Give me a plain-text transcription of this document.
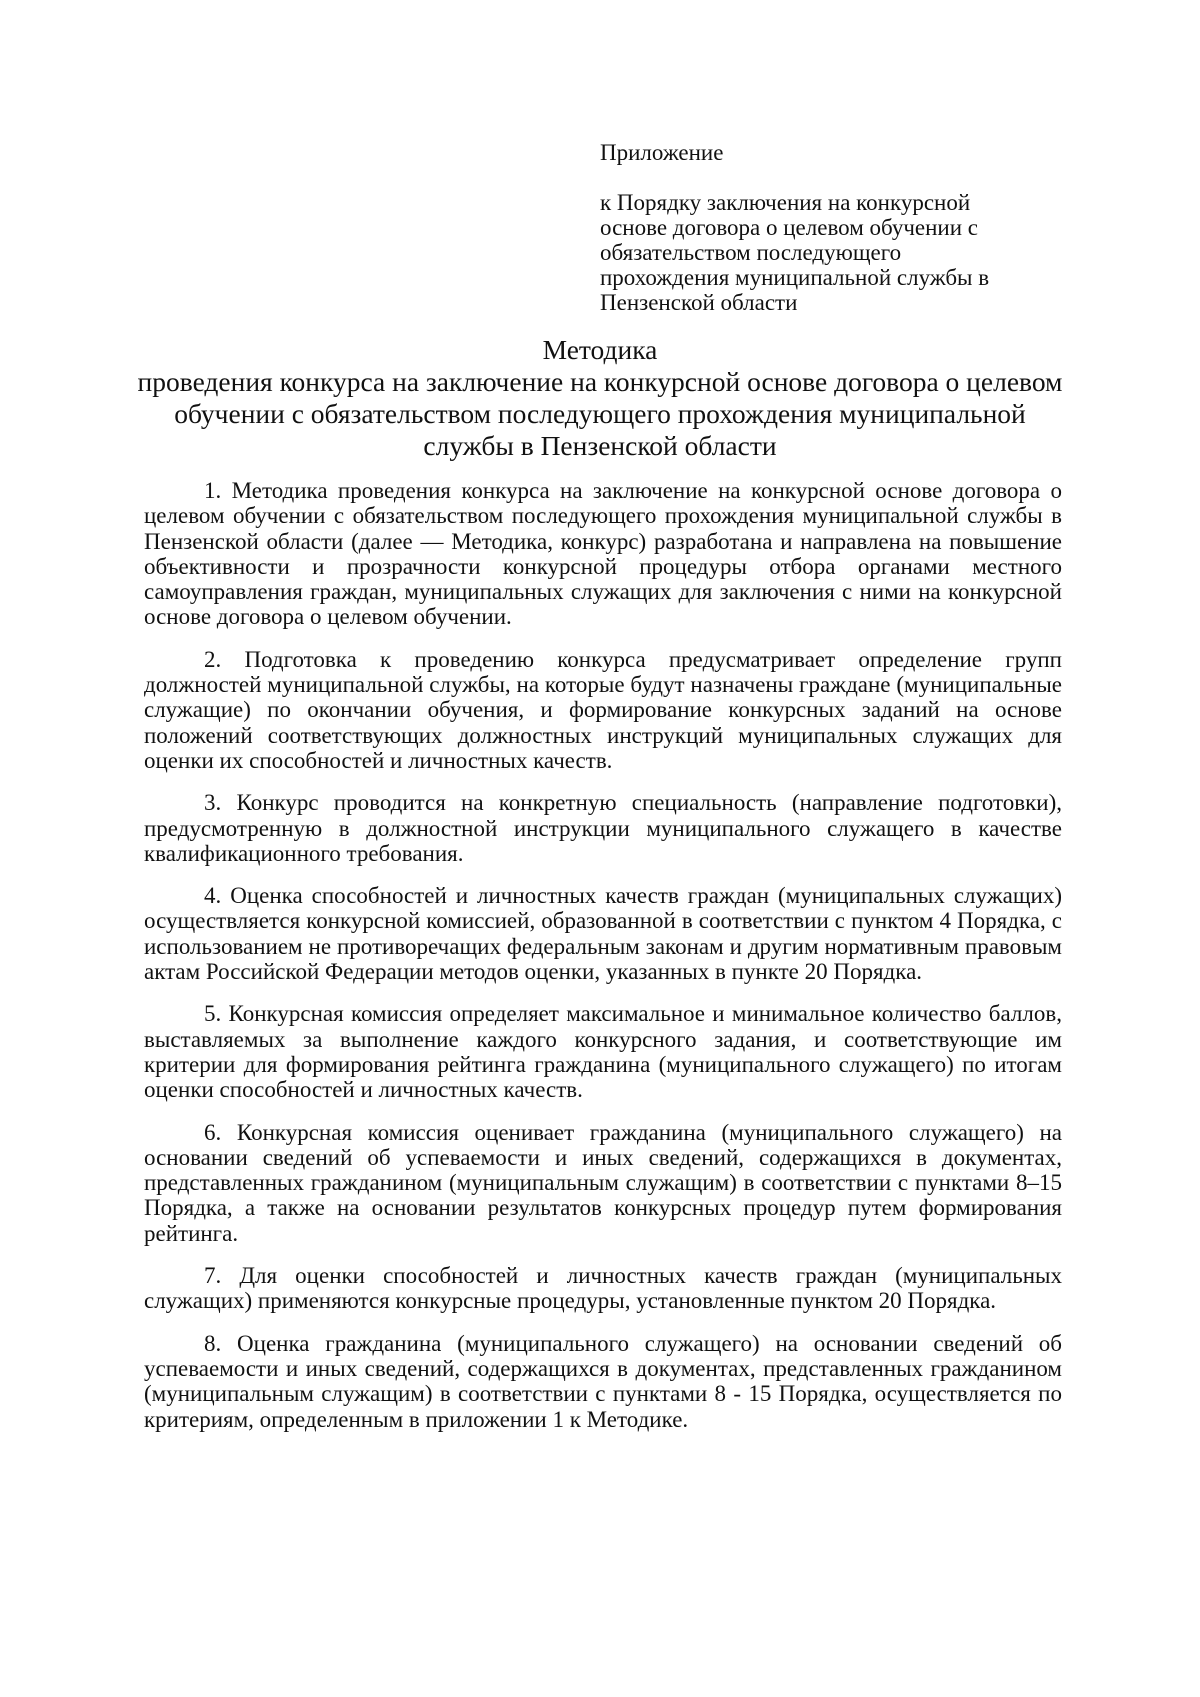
Приложение

к Порядку заключения на конкурсной основе договора о целевом обучении с обязательством последующего прохождения муниципальной службы в Пензенской области

Методика

проведения конкурса на заключение на конкурсной основе договора о целевом обучении с обязательством последующего прохождения муниципальной службы в Пензенской области

1. Методика проведения конкурса на заключение на конкурсной основе договора о целевом обучении с обязательством последующего прохождения муниципальной службы в Пензенской области (далее — Методика, конкурс) разработана и направлена на повышение объективности и прозрачности конкурсной процедуры отбора органами местного самоуправления граждан, муниципальных служащих для заключения с ними на конкурсной основе договора о целевом обучении.

2. Подготовка к проведению конкурса предусматривает определение групп должностей муниципальной службы, на которые будут назначены граждане (муниципальные служащие) по окончании обучения, и формирование конкурсных заданий на основе положений соответствующих должностных инструкций муниципальных служащих для оценки их способностей и личностных качеств.

3. Конкурс проводится на конкретную специальность (направление подготовки), предусмотренную в должностной инструкции муниципального служащего в качестве квалификационного требования.

4. Оценка способностей и личностных качеств граждан (муниципальных служащих) осуществляется конкурсной комиссией, образованной в соответствии с пунктом 4 Порядка, с использованием не противоречащих федеральным законам и другим нормативным правовым актам Российской Федерации методов оценки, указанных в пункте 20 Порядка.

5. Конкурсная комиссия определяет максимальное и минимальное количество баллов, выставляемых за выполнение каждого конкурсного задания, и соответствующие им критерии для формирования рейтинга гражданина (муниципального служащего) по итогам оценки способностей и личностных качеств.

6. Конкурсная комиссия оценивает гражданина (муниципального служащего) на основании сведений об успеваемости и иных сведений, содержащихся в документах, представленных гражданином (муниципальным служащим) в соответствии с пунктами 8–15 Порядка, а также на основании результатов конкурсных процедур путем формирования рейтинга.

7. Для оценки способностей и личностных качеств граждан (муниципальных служащих) применяются конкурсные процедуры, установленные пунктом 20 Порядка.

8. Оценка гражданина (муниципального служащего) на основании сведений об успеваемости и иных сведений, содержащихся в документах, представленных гражданином (муниципальным служащим) в соответствии с пунктами 8 - 15 Порядка, осуществляется по критериям, определенным в приложении 1 к Методике.
